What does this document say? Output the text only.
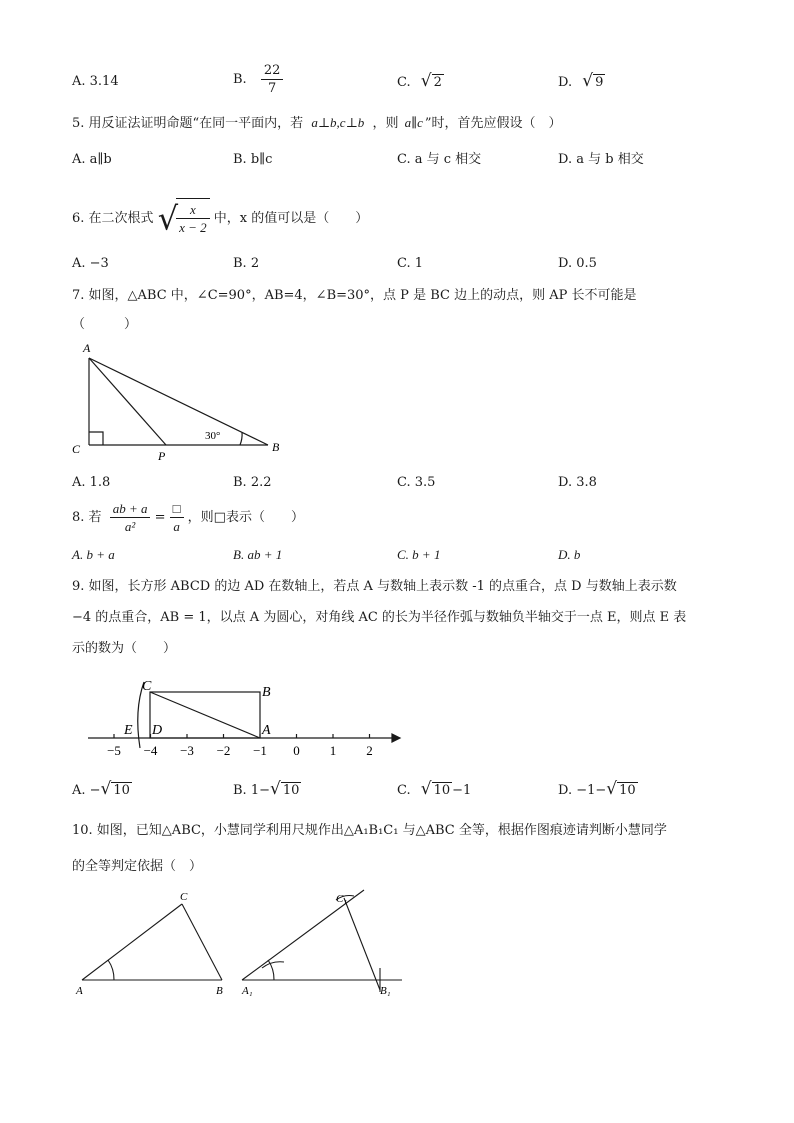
A. 3.14	B. $\frac{22}{7}$	C. √ 2	D. √ 9
5. 用反证法证明命题“在同一平面内，若 a⊥b,c⊥b ，则 a∥c ”时，首先应假设（　）
A. a∥b	B. b∥c	C. a 与 c 相交	D. a 与 b 相交
6. 在二次根式 √
$\frac{x}{x - 2}$ 中，x 的值可以是（　　）
A. −3	B. 2	C. 1	D. 0.5
7. 如图，△ABC 中，∠C=90°，AB=4，∠B=30°，点 P 是 BC 边上的动点，则 AP 长不可能是
（　　　）
A
C	P
B
30°
A. 1.8	B. 2.2	C. 3.5	D. 3.8
8. 若 $\frac{ab + a}{\text{a²}} = \frac{□}{a}$ ，则□表示（　　）
A. b + a	B. ab + 1	C. b + 1	D. b
9. 如图，长方形 ABCD 的边 AD 在数轴上，若点 A 与数轴上表示数 -1 的点重合，点 D 与数轴上表示数
−4 的点重合，AB = 1，以点 A 为圆心，对角线 AC 的长为半径作弧与数轴负半轴交于一点 E，则点 E 表
示的数为（　　）
−5 −4 −3 −2 −1 0 1 2
C	B
E D	A
A. −√ 10	B. 1−√ 10	C. √ 10 −1	D. −1−√ 10
10. 如图，已知△ABC，小慧同学利用尺规作出△A₁B₁C₁ 与△ABC 全等，根据作图痕迹请判断小慧同学
的全等判定依据（　）
A	B
C
A₁	B₁
C₁
